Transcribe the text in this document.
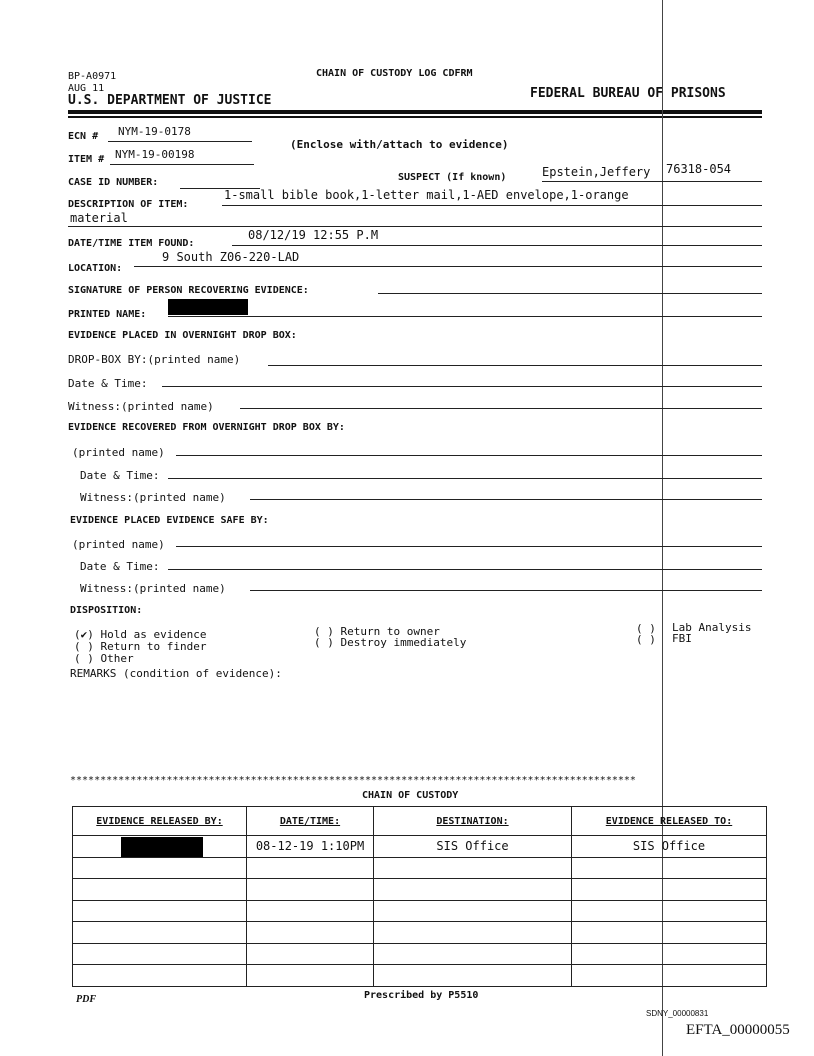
BP-A0971	CHAIN OF CUSTODY LOG CDFRM
AUG 11
U.S. DEPARTMENT OF JUSTICE	FEDERAL BUREAU OF PRISONS
ECN # NYM-19-0178
(Enclose with/attach to evidence)
ITEM # NYM-19-00198
CASE ID NUMBER:	SUSPECT (If known)	Epstein,Jeffery 76318-054
DESCRIPTION OF ITEM:
1-small bible book,1-letter mail,1-AED envelope,1-orange
material
DATE/TIME ITEM FOUND:
08/12/19 12:55 P.M
LOCATION:
9 South Z06-220-LAD
SIGNATURE OF PERSON RECOVERING EVIDENCE:
PRINTED NAME:
EVIDENCE PLACED IN OVERNIGHT DROP BOX:
DROP-BOX BY:(printed name)
Date & Time:
Witness:(printed name)
EVIDENCE RECOVERED FROM OVERNIGHT DROP BOX BY:
(printed name)
Date & Time:
Witness:(printed name)
EVIDENCE PLACED EVIDENCE SAFE BY:
(printed name)
Date & Time:
Witness:(printed name)
DISPOSITION:
(✔) Hold as evidence
( ) Return to finder
( ) Other
( ) Return to owner
( ) Destroy immediately
( )
( )
Lab Analysis
FBI
REMARKS (condition of evidence):
**********************************************************************************************
CHAIN OF CUSTODY
EVIDENCE RELEASED BY:	DATE/TIME:	DESTINATION:	EVIDENCE RELEASED TO:

	08-12-19 1:10PM	SIS Office	SIS Office

PDF	Prescribed by P5510
SDNY_00000831
EFTA_00000055
